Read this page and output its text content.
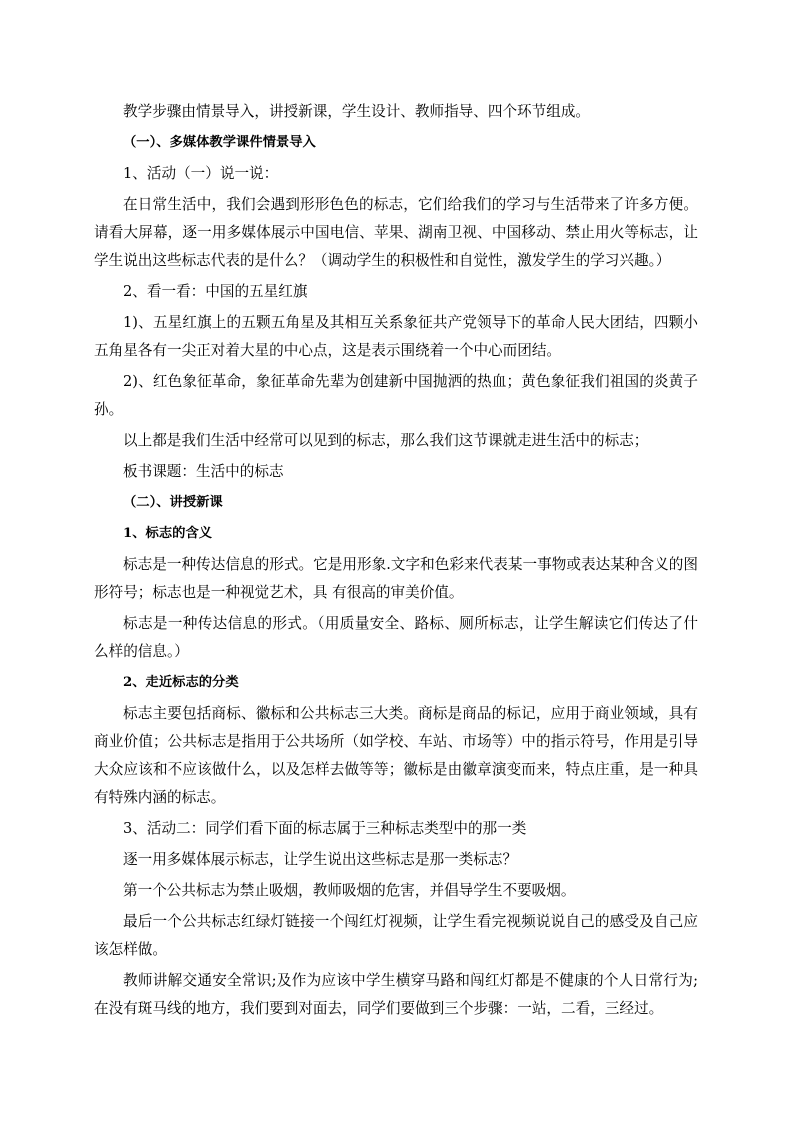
教学步骤由情景导入，讲授新课，学生设计、教师指导、四个环节组成。

（一）、多媒体教学课件情景导入

1、活动（一）说一说：

在日常生活中，我们会遇到形形色色的标志，它们给我们的学习与生活带来了许多方便。请看大屏幕，逐一用多媒体展示中国电信、苹果、湖南卫视、中国移动、禁止用火等标志，让学生说出这些标志代表的是什么？（调动学生的积极性和自觉性，激发学生的学习兴趣。）

2、看一看：中国的五星红旗

1)、五星红旗上的五颗五角星及其相互关系象征共产党领导下的革命人民大团结，四颗小五角星各有一尖正对着大星的中心点，这是表示围绕着一个中心而团结。

2)、红色象征革命，象征革命先辈为创建新中国抛洒的热血；黄色象征我们祖国的炎黄子孙。

以上都是我们生活中经常可以见到的标志，那么我们这节课就走进生活中的标志；

板书课题：生活中的标志

（二）、讲授新课

1、标志的含义

标志是一种传达信息的形式。它是用形象.文字和色彩来代表某一事物或表达某种含义的图形符号；标志也是一种视觉艺术，具 有很高的审美价值。

标志是一种传达信息的形式。（用质量安全、路标、厕所标志，让学生解读它们传达了什么样的信息。）

2、走近标志的分类

标志主要包括商标、徽标和公共标志三大类。商标是商品的标记，应用于商业领域，具有商业价值；公共标志是指用于公共场所（如学校、车站、市场等）中的指示符号，作用是引导大众应该和不应该做什么，以及怎样去做等等；徽标是由徽章演变而来，特点庄重，是一种具有特殊内涵的标志。

3、活动二：同学们看下面的标志属于三种标志类型中的那一类

逐一用多媒体展示标志，让学生说出这些标志是那一类标志？

第一个公共标志为禁止吸烟，教师吸烟的危害，并倡导学生不要吸烟。

最后一个公共标志红绿灯链接一个闯红灯视频，让学生看完视频说说自己的感受及自己应该怎样做。

教师讲解交通安全常识;及作为应该中学生横穿马路和闯红灯都是不健康的个人日常行为;在没有斑马线的地方，我们要到对面去，同学们要做到三个步骤：一站，二看，三经过。
